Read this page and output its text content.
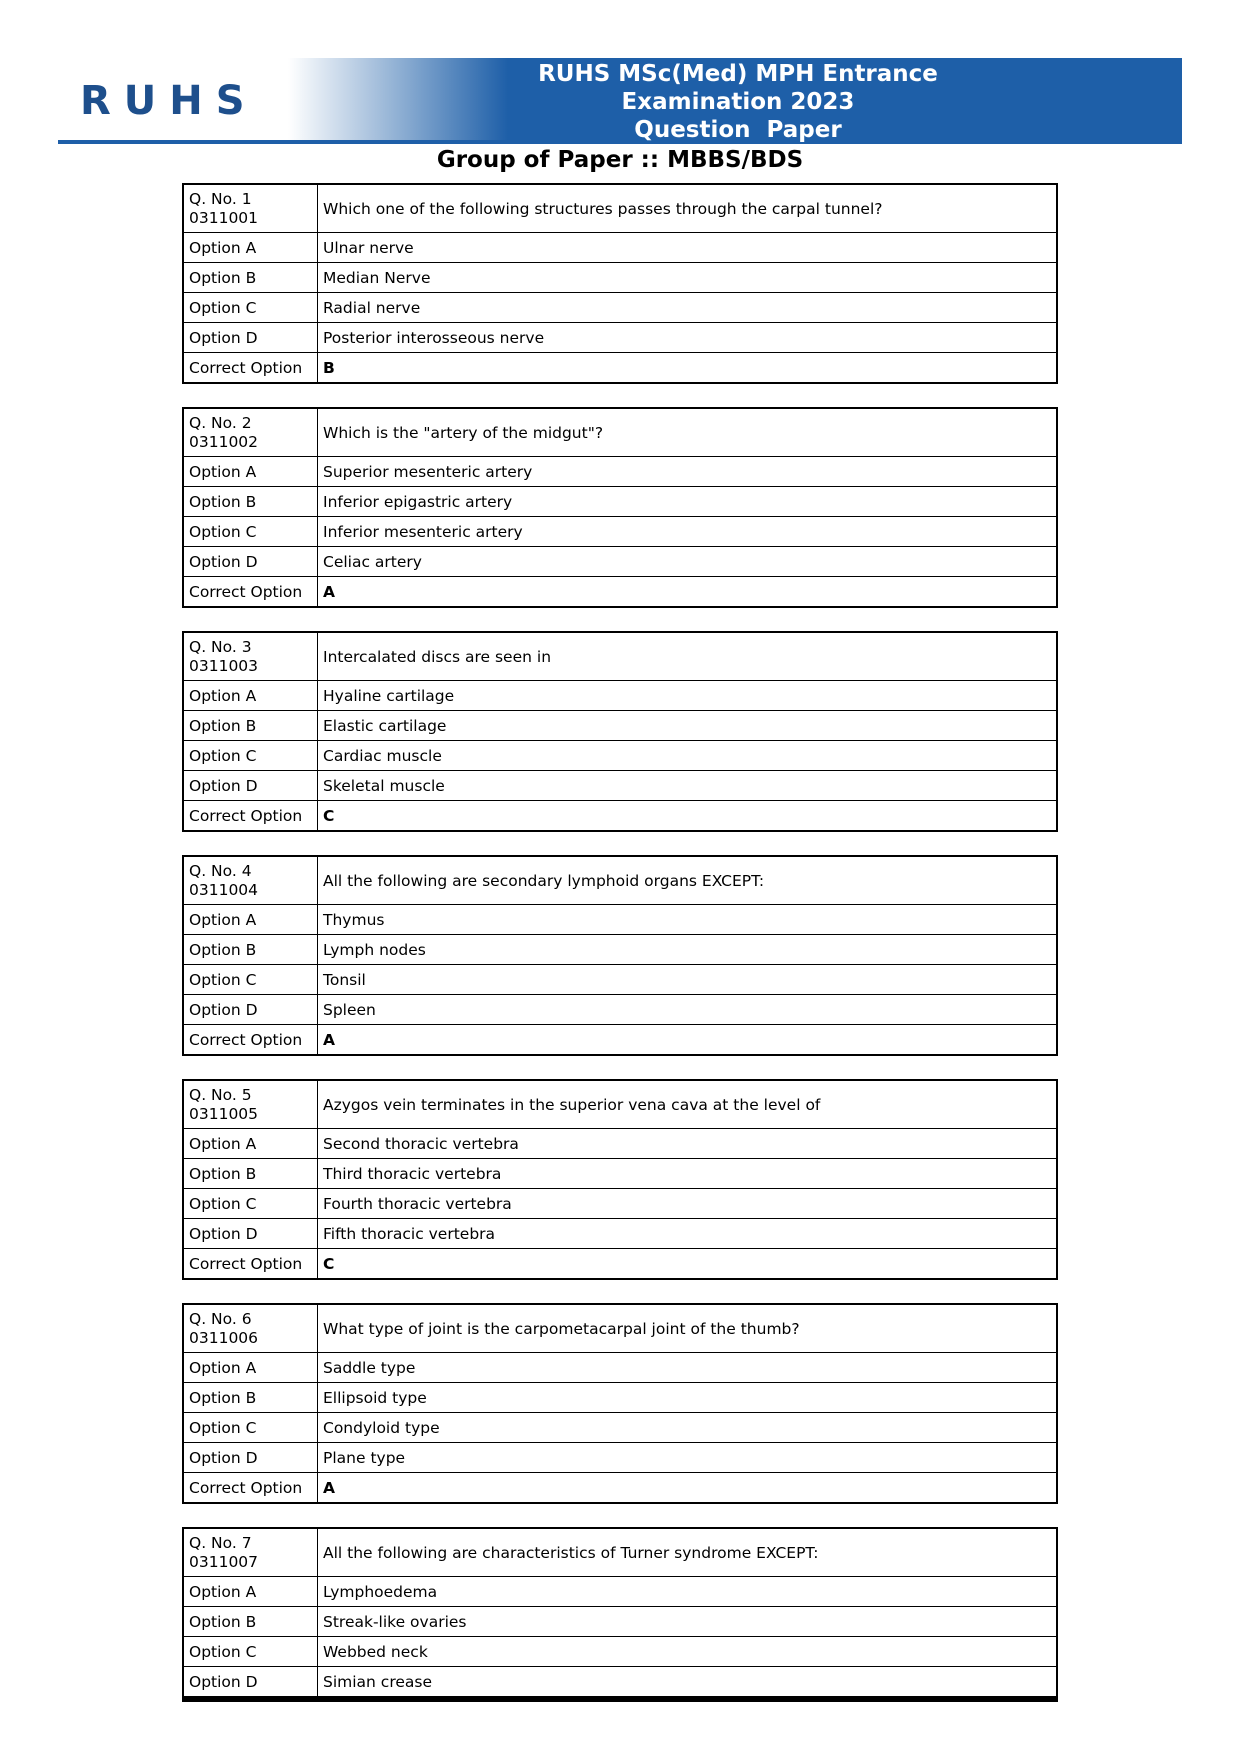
RUHS
RUHS MSc(Med) MPH Entrance
Examination 2023
Question  Paper
Group of Paper :: MBBS/BDS
Q. No. 1
0311001	Which one of the following structures passes through the carpal tunnel?
Option A	Ulnar nerve
Option B	Median Nerve
Option C	Radial nerve
Option D	Posterior interosseous nerve
Correct Option	B
Q. No. 2
0311002	Which is the "artery of the midgut"?
Option A	Superior mesenteric artery
Option B	Inferior epigastric artery
Option C	Inferior mesenteric artery
Option D	Celiac artery
Correct Option	A
Q. No. 3
0311003	Intercalated discs are seen in
Option A	Hyaline cartilage
Option B	Elastic cartilage
Option C	Cardiac muscle
Option D	Skeletal muscle
Correct Option	C
Q. No. 4
0311004	All the following are secondary lymphoid organs EXCEPT:
Option A	Thymus
Option B	Lymph nodes
Option C	Tonsil
Option D	Spleen
Correct Option	A
Q. No. 5
0311005	Azygos vein terminates in the superior vena cava at the level of
Option A	Second thoracic vertebra
Option B	Third thoracic vertebra
Option C	Fourth thoracic vertebra
Option D	Fifth thoracic vertebra
Correct Option	C
Q. No. 6
0311006	What type of joint is the carpometacarpal joint of the thumb?
Option A	Saddle type
Option B	Ellipsoid type
Option C	Condyloid type
Option D	Plane type
Correct Option	A
Q. No. 7
0311007	All the following are characteristics of Turner syndrome EXCEPT:
Option A	Lymphoedema
Option B	Streak-like ovaries
Option C	Webbed neck
Option D	Simian crease
